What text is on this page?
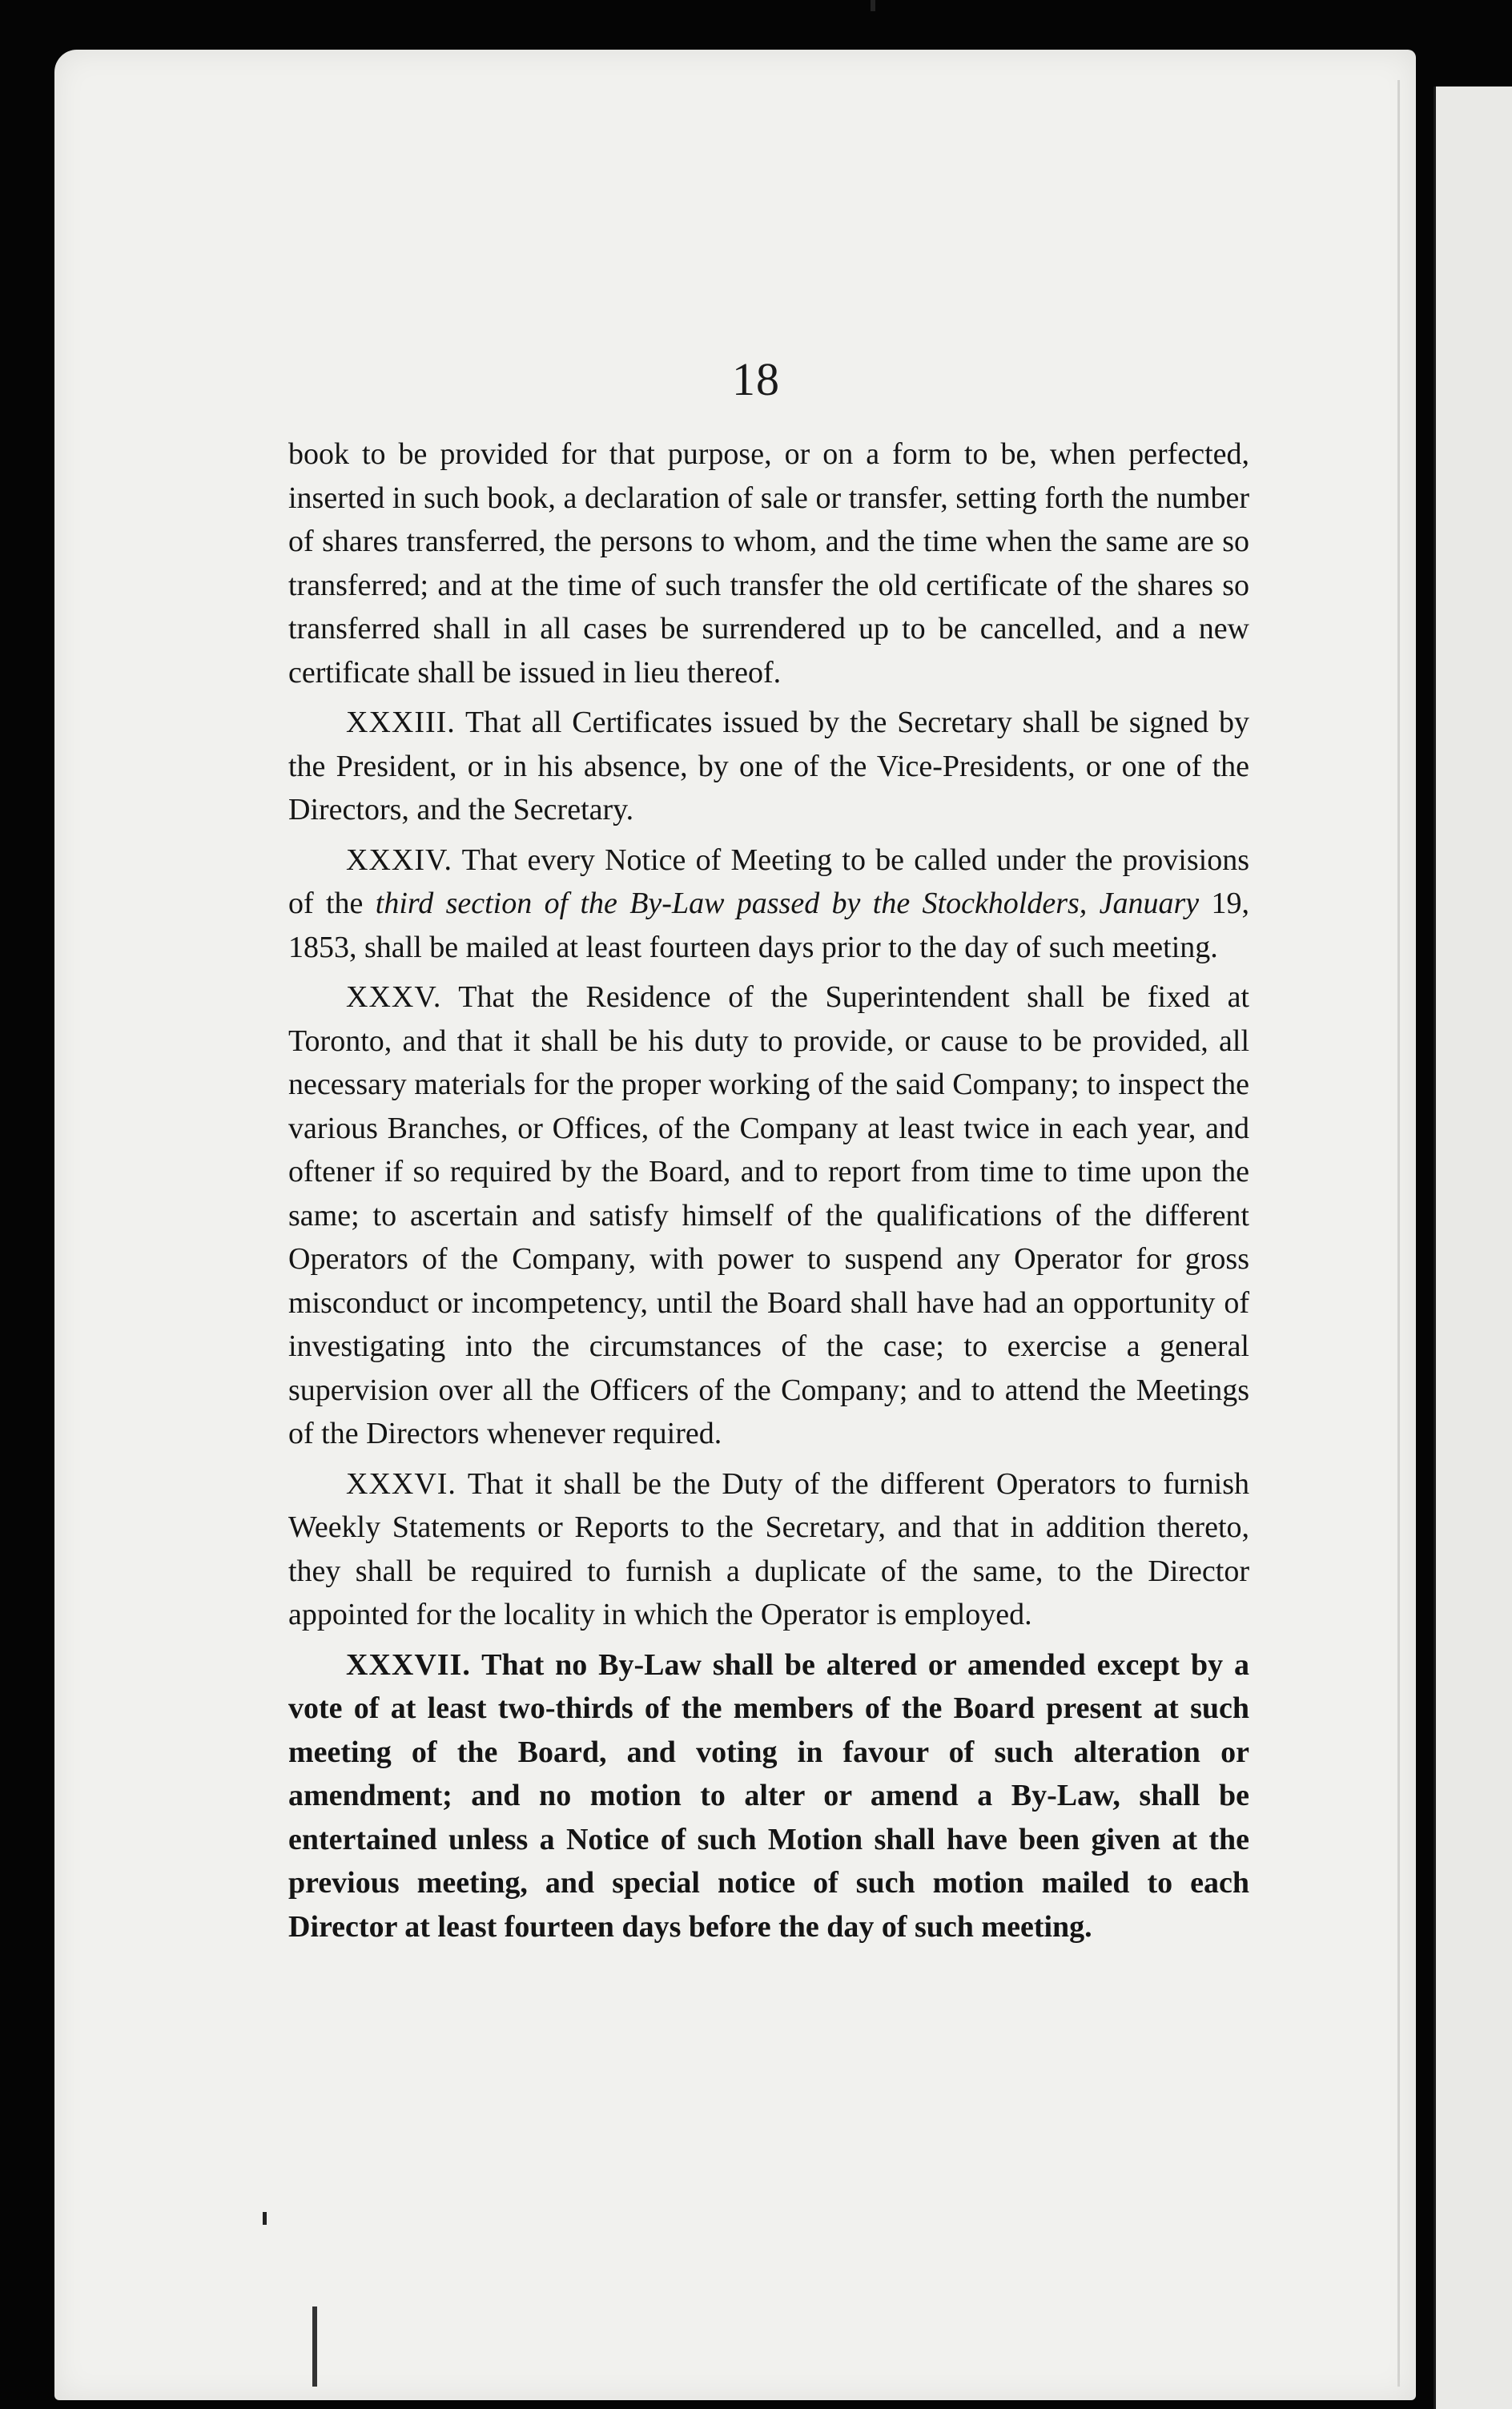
18

book to be provided for that purpose, or on a form to be, when perfected, inserted in such book, a declaration of sale or transfer, setting forth the number of shares transferred, the persons to whom, and the time when the same are so transferred; and at the time of such transfer the old certificate of the shares so transferred shall in all cases be surrendered up to be cancelled, and a new certificate shall be issued in lieu thereof.

XXXIII. That all Certificates issued by the Secretary shall be signed by the President, or in his absence, by one of the Vice-Presidents, or one of the Directors, and the Secretary.

XXXIV. That every Notice of Meeting to be called under the provisions of the third section of the By-Law passed by the Stockholders, January 19, 1853, shall be mailed at least fourteen days prior to the day of such meeting.

XXXV. That the Residence of the Superintendent shall be fixed at Toronto, and that it shall be his duty to provide, or cause to be provided, all necessary materials for the proper working of the said Company; to inspect the various Branches, or Offices, of the Company at least twice in each year, and oftener if so required by the Board, and to report from time to time upon the same; to ascertain and satisfy himself of the qualifications of the different Operators of the Company, with power to suspend any Operator for gross misconduct or incompetency, until the Board shall have had an opportunity of investigating into the circumstances of the case; to exercise a general supervision over all the Officers of the Company; and to attend the Meetings of the Directors whenever required.

XXXVI. That it shall be the Duty of the different Operators to furnish Weekly Statements or Reports to the Secretary, and that in addition thereto, they shall be required to furnish a duplicate of the same, to the Director appointed for the locality in which the Operator is employed.

XXXVII. That no By-Law shall be altered or amended except by a vote of at least two-thirds of the members of the Board present at such meeting of the Board, and voting in favour of such alteration or amendment; and no motion to alter or amend a By-Law, shall be entertained unless a Notice of such Motion shall have been given at the previous meeting, and special notice of such motion mailed to each Director at least fourteen days before the day of such meeting.
